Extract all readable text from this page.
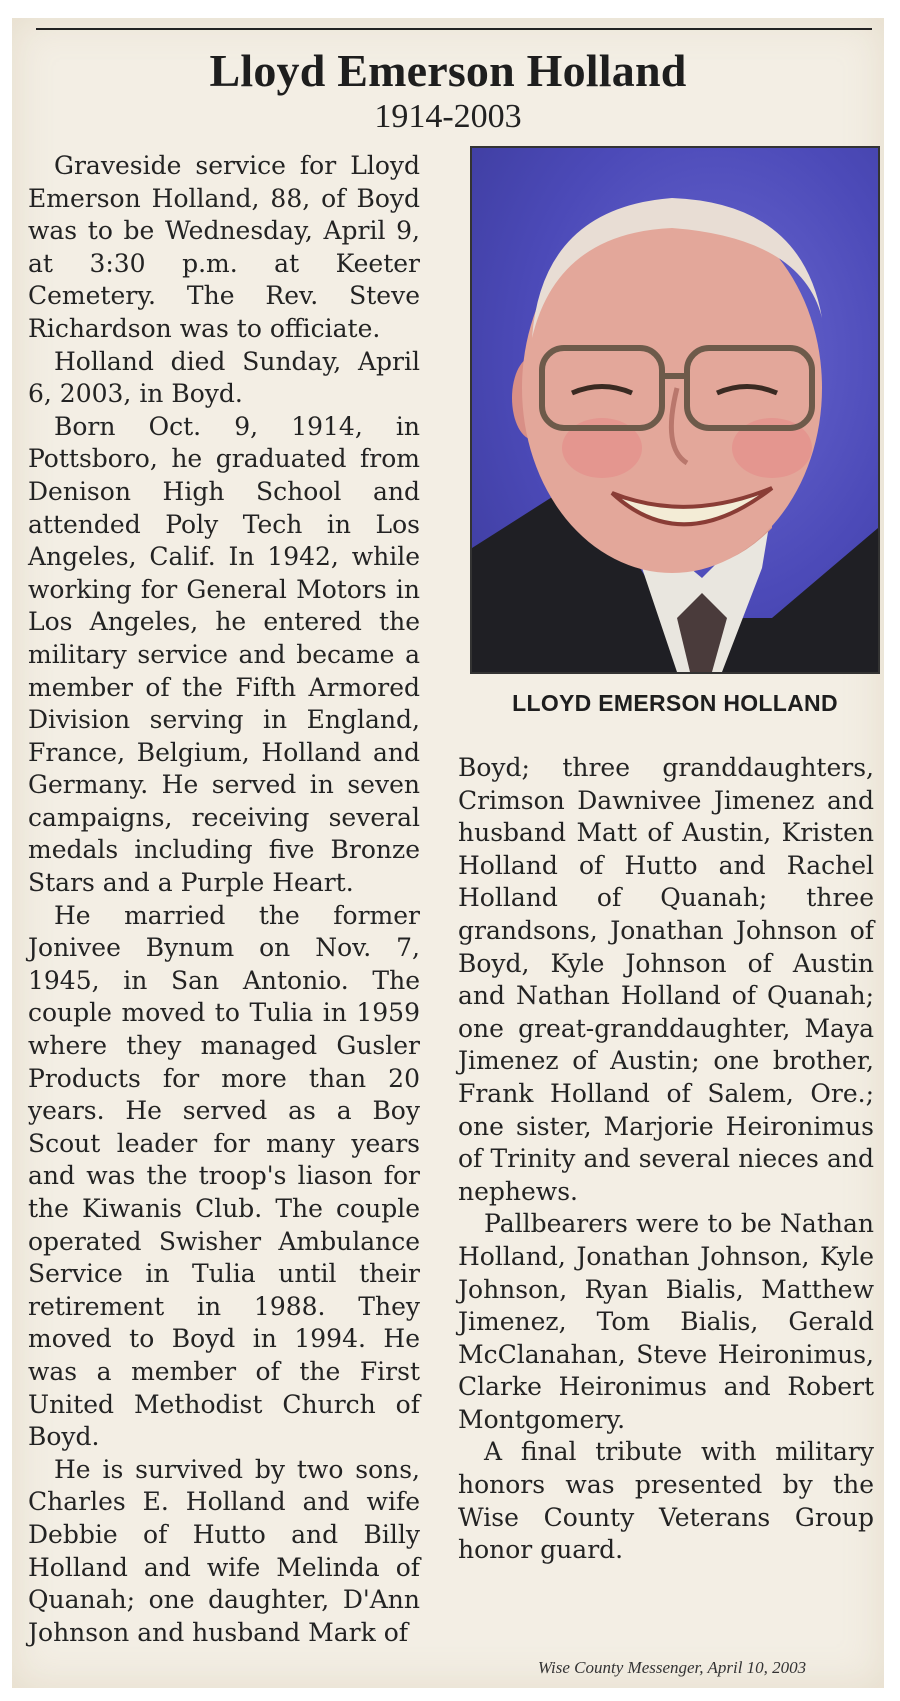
Lloyd Emerson Holland
1914-2003

Graveside service for Lloyd Emerson Holland, 88, of Boyd was to be Wednesday, April 9, at 3:30 p.m. at Keeter Cemetery. The Rev. Steve Richardson was to officiate.

Holland died Sunday, April 6, 2003, in Boyd.

Born Oct. 9, 1914, in Pottsboro, he graduated from Denison High School and attended Poly Tech in Los Angeles, Calif. In 1942, while working for General Motors in Los Angeles, he entered the military service and became a member of the Fifth Armored Division serving in England, France, Belgium, Holland and Germany. He served in seven campaigns, receiving several medals including five Bronze Stars and a Purple Heart.

He married the former Jonivee Bynum on Nov. 7, 1945, in San Antonio. The couple moved to Tulia in 1959 where they managed Gusler Products for more than 20 years. He served as a Boy Scout leader for many years and was the troop's liason for the Kiwanis Club. The couple operated Swisher Ambulance Service in Tulia until their retirement in 1988. They moved to Boyd in 1994. He was a member of the First United Methodist Church of Boyd.

He is survived by two sons, Charles E. Holland and wife Debbie of Hutto and Billy Holland and wife Melinda of Quanah; one daughter, D'Ann Johnson and husband Mark of

LLOYD EMERSON HOLLAND

Boyd; three granddaughters, Crimson Dawnivee Jimenez and husband Matt of Austin, Kristen Holland of Hutto and Rachel Holland of Quanah; three grandsons, Jonathan Johnson of Boyd, Kyle Johnson of Austin and Nathan Holland of Quanah; one great-granddaughter, Maya Jimenez of Austin; one brother, Frank Holland of Salem, Ore.; one sister, Marjorie Heironimus of Trinity and several nieces and nephews.

Pallbearers were to be Nathan Holland, Jonathan Johnson, Kyle Johnson, Ryan Bialis, Matthew Jimenez, Tom Bialis, Gerald McClanahan, Steve Heironimus, Clarke Heironimus and Robert Montgomery.

A final tribute with military honors was presented by the Wise County Veterans Group honor guard.

Wise County Messenger, April 10, 2003
